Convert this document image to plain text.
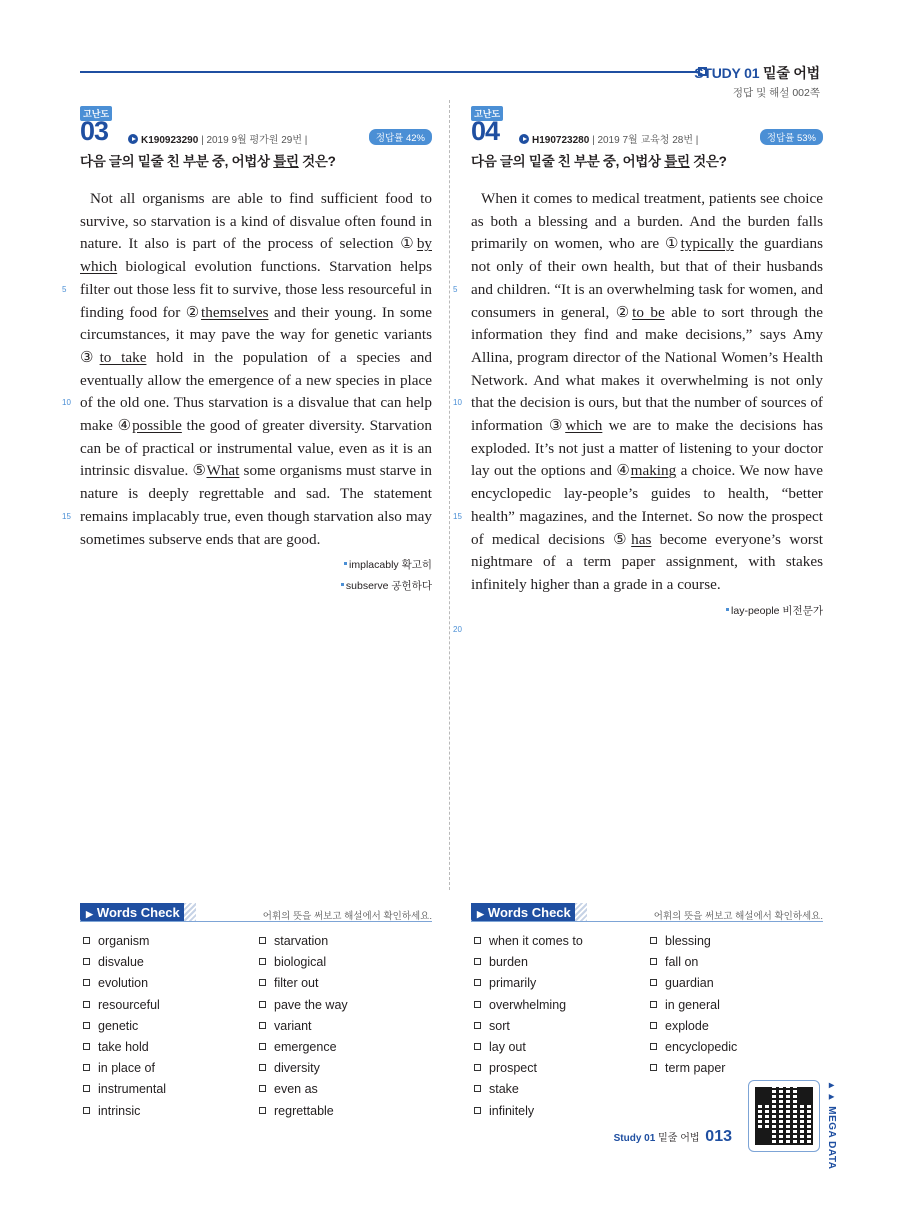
STUDY 01 밑줄 어법
정답 및 해설 002쪽
고난도
03	K190923290 | 2019 9월 평가원 29번 |	정답률 42%
다음 글의 밑줄 친 부분 중, 어법상 틀린 것은?
5
10
15

Not all organisms are able to find sufficient food to survive, so starvation is a kind of disvalue often found in nature. It also is part of the process of selection ①by which biological evolution functions. Starvation helps filter out those less fit to survive, those less resourceful in finding food for ②themselves and their young. In some circumstances, it may pave the way for genetic variants ③to take hold in the population of a species and eventually allow the emergence of a new species in place of the old one. Thus starvation is a disvalue that can help make ④possible the good of greater diversity. Starvation can be of practical or instrumental value, even as it is an intrinsic disvalue. ⑤What some organisms must starve in nature is deeply regrettable and sad. The statement remains implacably true, even though starvation also may sometimes subserve ends that are good.

implacably 확고히
subserve 공헌하다
고난도
04	H190723280 | 2019 7월 교육청 28번 |	정답률 53%
다음 글의 밑줄 친 부분 중, 어법상 틀린 것은?
5
10
15
20

When it comes to medical treatment, patients see choice as both a blessing and a burden. And the burden falls primarily on women, who are ①typically the guardians not only of their own health, but that of their husbands and children. “It is an overwhelming task for women, and consumers in general, ②to be able to sort through the information they find and make decisions,” says Amy Allina, program director of the National Women’s Health Network. And what makes it overwhelming is not only that the decision is ours, but that the number of sources of information ③which we are to make the decisions has exploded. It’s not just a matter of listening to your doctor lay out the options and ④making a choice. We now have encyclopedic lay-people’s guides to health, “better health” magazines, and the Internet. So now the prospect of medical decisions ⑤has become everyone’s worst nightmare of a term paper assignment, with stakes infinitely higher than a grade in a course.

lay-people 비전문가
▶ Words Check	어휘의 뜻을 써보고 해설에서 확인하세요.
organism
disvalue
evolution
resourceful
genetic
take hold
in place of
instrumental
intrinsic
starvation
biological
filter out
pave the way
variant
emergence
diversity
even as
regrettable
▶ Words Check	어휘의 뜻을 써보고 해설에서 확인하세요.
when it comes to
burden
primarily
overwhelming
sort
lay out
prospect
stake
infinitely
blessing
fall on
guardian
in general
explode
encyclopedic
term paper
▸▸ MEGA DATA
Study 01 밑줄 어법 013
